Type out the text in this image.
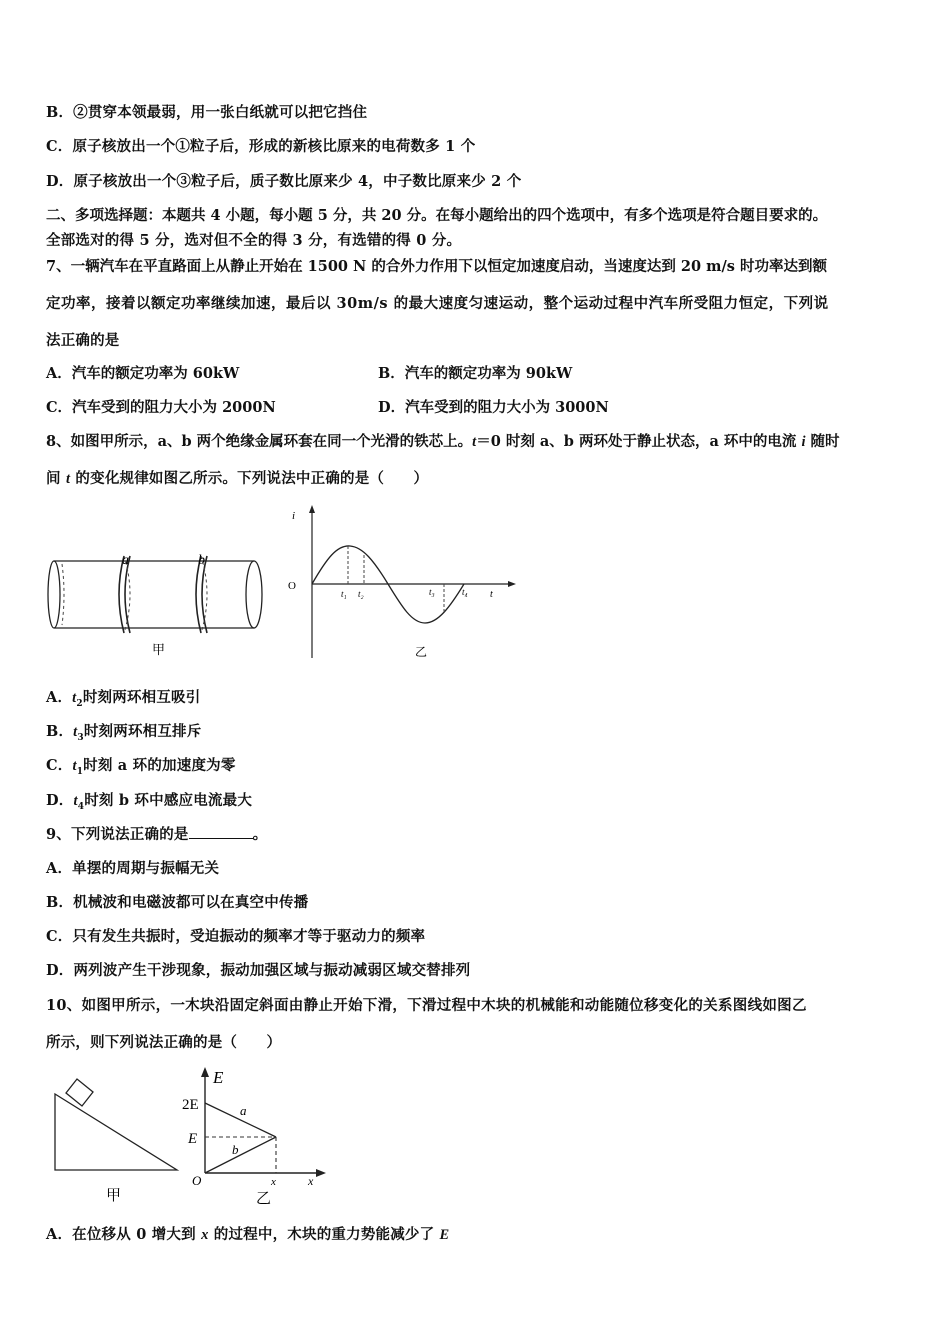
B．②贯穿本领最弱，用一张白纸就可以把它挡住
C．原子核放出一个①粒子后，形成的新核比原来的电荷数多 1 个
D．原子核放出一个③粒子后，质子数比原来少 4，中子数比原来少 2 个
二、多项选择题：本题共 4 小题，每小题 5 分，共 20 分。在每小题给出的四个选项中，有多个选项是符合题目要求的。
全部选对的得 5 分，选对但不全的得 3 分，有选错的得 0 分。
7、一辆汽车在平直路面上从静止开始在 1500 N 的合外力作用下以恒定加速度启动，当速度达到 20 m/s 时功率达到额
定功率，接着以额定功率继续加速，最后以 30m/s 的最大速度匀速运动，整个运动过程中汽车所受阻力恒定，下列说
法正确的是
A．汽车的额定功率为 60kW	B．汽车的额定功率为 90kW
C．汽车受到的阻力大小为 2000N	D．汽车受到的阻力大小为 3000N
8、如图甲所示，a、b 两个绝缘金属环套在同一个光滑的铁芯上。t＝0 时刻 a、b 两环处于静止状态，a 环中的电流 i 随时
间 t 的变化规律如图乙所示。下列说法中正确的是（　　）
a	b
甲
i
O
t
t₁ t₂	t₃	t₄
乙
A．$t_2$时刻两环相互吸引
B．$t_3$时刻两环相互排斥
C．$t_1$时刻 a 环的加速度为零
D．$t_4$时刻 b 环中感应电流最大
9、下列说法正确的是	。
A．单摆的周期与振幅无关
B．机械波和电磁波都可以在真空中传播
C．只有发生共振时，受迫振动的频率才等于驱动力的频率
D．两列波产生干涉现象，振动加强区域与振动减弱区域交替排列
10、如图甲所示，一木块沿固定斜面由静止开始下滑，下滑过程中木块的机械能和动能随位移变化的关系图线如图乙
所示，则下列说法正确的是（　　）
甲
E
2E
E
a
b
O	x	x
乙
A．在位移从 0 增大到 x 的过程中，木块的重力势能减少了 E
